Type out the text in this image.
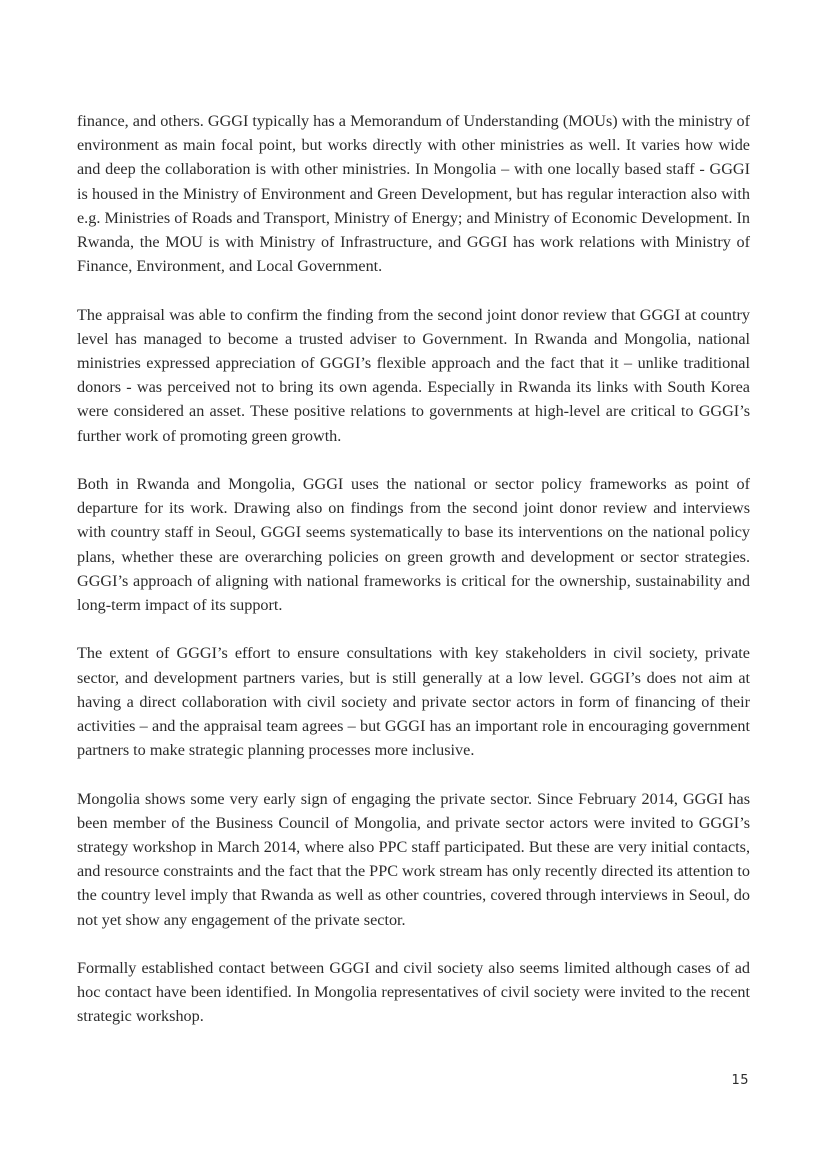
finance, and others. GGGI typically has a Memorandum of Understanding (MOUs) with the ministry of environment as main focal point, but works directly with other ministries as well. It varies how wide and deep the collaboration is with other ministries. In Mongolia – with one locally based staff - GGGI is housed in the Ministry of Environment and Green Development, but has regular interaction also with e.g. Ministries of Roads and Transport, Ministry of Energy; and Ministry of Economic Development. In Rwanda, the MOU is with Ministry of Infrastructure, and GGGI has work relations with Ministry of Finance, Environment, and Local Government.

The appraisal was able to confirm the finding from the second joint donor review that GGGI at country level has managed to become a trusted adviser to Government. In Rwanda and Mongolia, national ministries expressed appreciation of GGGI’s flexible approach and the fact that it – unlike traditional donors - was perceived not to bring its own agenda. Especially in Rwanda its links with South Korea were considered an asset. These positive relations to governments at high-level are critical to GGGI’s further work of promoting green growth.

Both in Rwanda and Mongolia, GGGI uses the national or sector policy frameworks as point of departure for its work. Drawing also on findings from the second joint donor review and interviews with country staff in Seoul, GGGI seems systematically to base its interventions on the national policy plans, whether these are overarching policies on green growth and development or sector strategies. GGGI’s approach of aligning with national frameworks is critical for the ownership, sustainability and long-term impact of its support.

The extent of GGGI’s effort to ensure consultations with key stakeholders in civil society, private sector, and development partners varies, but is still generally at a low level. GGGI’s does not aim at having a direct collaboration with civil society and private sector actors in form of financing of their activities – and the appraisal team agrees – but GGGI has an important role in encouraging government partners to make strategic planning processes more inclusive.

Mongolia shows some very early sign of engaging the private sector. Since February 2014, GGGI has been member of the Business Council of Mongolia, and private sector actors were invited to GGGI’s strategy workshop in March 2014, where also PPC staff participated. But these are very initial contacts, and resource constraints and the fact that the PPC work stream has only recently directed its attention to the country level imply that Rwanda as well as other countries, covered through interviews in Seoul, do not yet show any engagement of the private sector.

Formally established contact between GGGI and civil society also seems limited although cases of ad hoc contact have been identified. In Mongolia representatives of civil society were invited to the recent strategic workshop.

15
